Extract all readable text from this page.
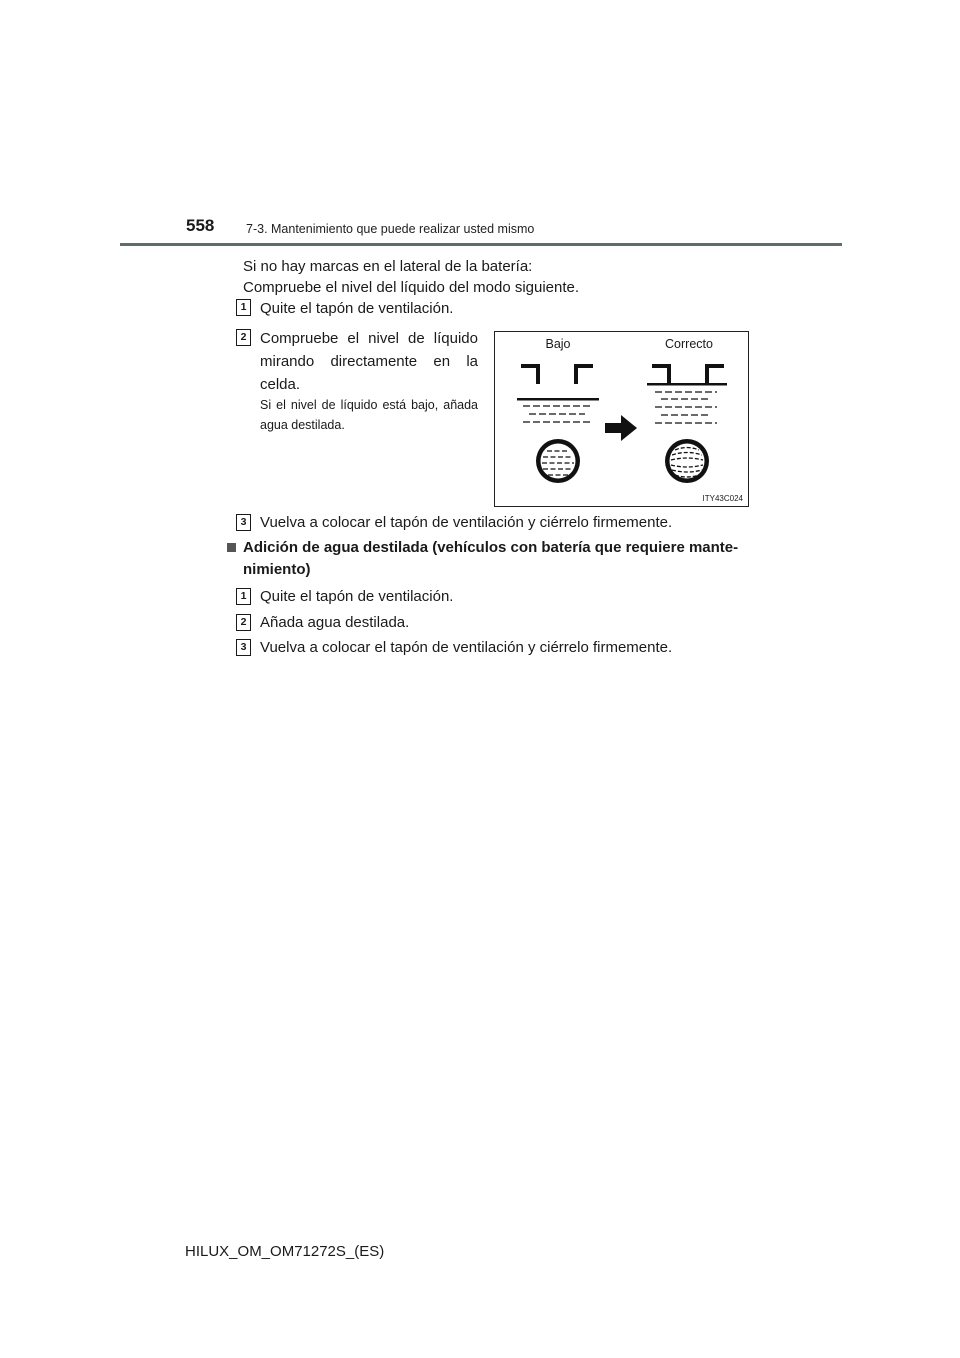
558	7-3. Mantenimiento que puede realizar usted mismo
Si no hay marcas en el lateral de la batería:
Compruebe el nivel del líquido del modo siguiente.
1 Quite el tapón de ventilación.
2 Compruebe el nivel de líquido mirando directamente en la celda.
Si el nivel de líquido está bajo, añada agua destilada.
Bajo	Correcto
ITY43C024
3 Vuelva a colocar el tapón de ventilación y ciérrelo firmemente.
Adición de agua destilada (vehículos con batería que requiere mante-
nimiento)
1 Quite el tapón de ventilación.
2 Añada agua destilada.
3 Vuelva a colocar el tapón de ventilación y ciérrelo firmemente.
HILUX_OM_OM71272S_(ES)
